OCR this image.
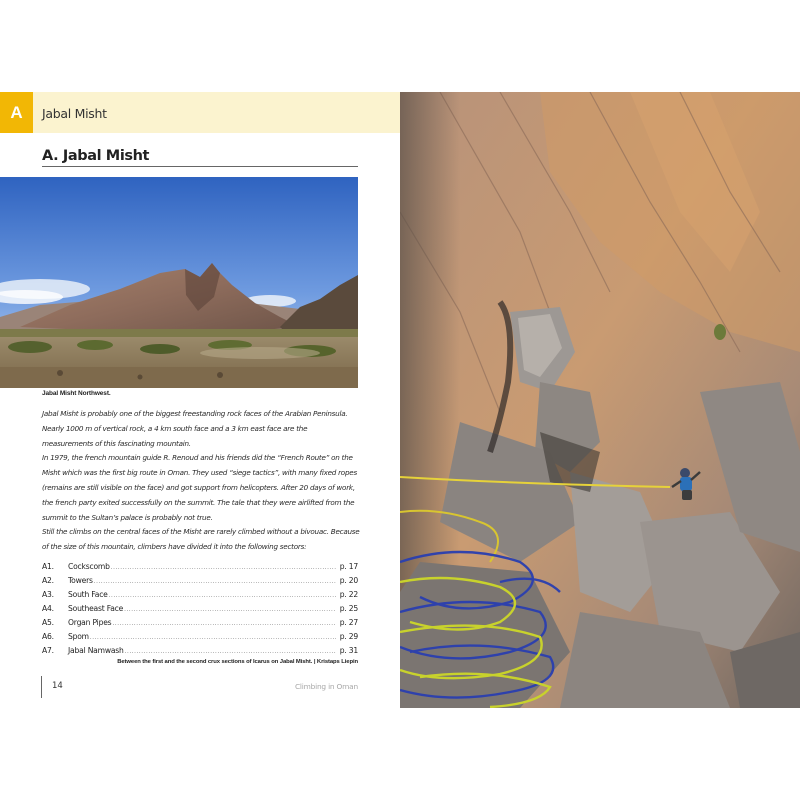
A	Jabal Misht
A. Jabal Misht
Jabal Misht Northwest.

Jabal Misht is probably one of the biggest freestanding rock faces of the Arabian Peninsula. Nearly 1000 m of vertical rock, a 4 km south face and a 3 km east face are the measurements of this fascinating mountain.

In 1979, the french mountain guide R. Renoud and his friends did the “French Route” on the Misht which was the first big route in Oman. They used “siege tactics”, with many fixed ropes (remains are still visible on the face) and got support from helicopters. After 20 days of work, the french party exited successfully on the summit. The tale that they were airlifted from the summit to the Sultan’s palace is probably not true.

Still the climbs on the central faces of the Misht are rarely climbed without a bivouac. Because of the size of this mountain, climbers have divided it into the following sectors:

A1.	Cockscomb .....	p. 17
A2.	Towers .....	p. 20
A3.	South Face .....	p. 22
A4.	Southeast Face .....	p. 25
A5.	Organ Pipes .....	p. 27
A6.	Spom .....	p. 29
A7.	Jabal Namwash .....	p. 31
Between the first and the second crux sections of Icarus on Jabal Misht. | Kristaps Liepin
14	Climbing in Oman
